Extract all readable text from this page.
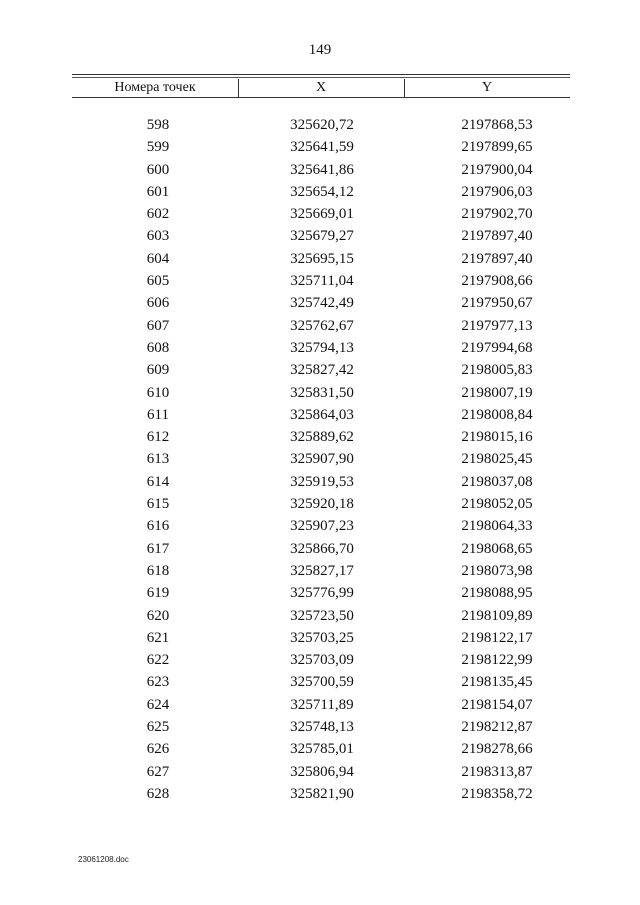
149
Номера точек	X	Y
598	325620,72	2197868,53
599	325641,59	2197899,65
600	325641,86	2197900,04
601	325654,12	2197906,03
602	325669,01	2197902,70
603	325679,27	2197897,40
604	325695,15	2197897,40
605	325711,04	2197908,66
606	325742,49	2197950,67
607	325762,67	2197977,13
608	325794,13	2197994,68
609	325827,42	2198005,83
610	325831,50	2198007,19
611	325864,03	2198008,84
612	325889,62	2198015,16
613	325907,90	2198025,45
614	325919,53	2198037,08
615	325920,18	2198052,05
616	325907,23	2198064,33
617	325866,70	2198068,65
618	325827,17	2198073,98
619	325776,99	2198088,95
620	325723,50	2198109,89
621	325703,25	2198122,17
622	325703,09	2198122,99
623	325700,59	2198135,45
624	325711,89	2198154,07
625	325748,13	2198212,87
626	325785,01	2198278,66
627	325806,94	2198313,87
628	325821,90	2198358,72
23061208.doc
